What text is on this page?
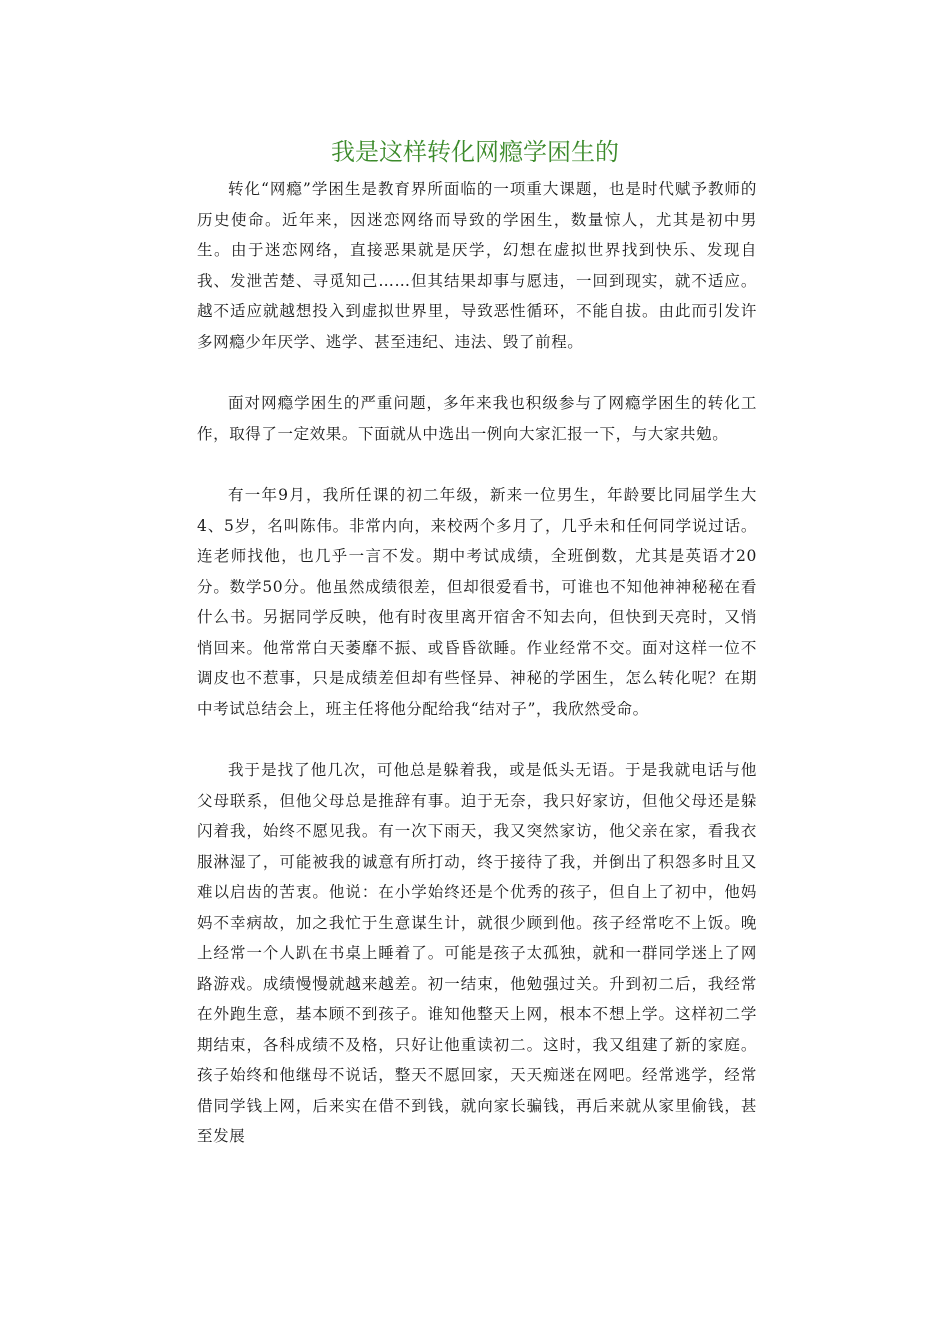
我是这样转化网瘾学困生的

转化“网瘾”学困生是教育界所面临的一项重大课题，也是时代赋予教师的历史使命。近年来，因迷恋网络而导致的学困生，数量惊人，尤其是初中男生。由于迷恋网络，直接恶果就是厌学，幻想在虚拟世界找到快乐、发现自我、发泄苦楚、寻觅知己……但其结果却事与愿违，一回到现实，就不适应。越不适应就越想投入到虚拟世界里，导致恶性循环，不能自拔。由此而引发许多网瘾少年厌学、逃学、甚至违纪、违法、毁了前程。

面对网瘾学困生的严重问题，多年来我也积级参与了网瘾学困生的转化工作，取得了一定效果。下面就从中选出一例向大家汇报一下，与大家共勉。

有一年9月，我所任课的初二年级，新来一位男生，年龄要比同届学生大4、5岁，名叫陈伟。非常内向，来校两个多月了，几乎未和任何同学说过话。连老师找他，也几乎一言不发。期中考试成绩，全班倒数，尤其是英语才20分。数学50分。他虽然成绩很差，但却很爱看书，可谁也不知他神神秘秘在看什么书。另据同学反映，他有时夜里离开宿舍不知去向，但快到天亮时，又悄悄回来。他常常白天萎靡不振、或昏昏欲睡。作业经常不交。面对这样一位不调皮也不惹事，只是成绩差但却有些怪异、神秘的学困生，怎么转化呢？在期中考试总结会上，班主任将他分配给我“结对子”，我欣然受命。

我于是找了他几次，可他总是躲着我，或是低头无语。于是我就电话与他父母联系，但他父母总是推辞有事。迫于无奈，我只好家访，但他父母还是躲闪着我，始终不愿见我。有一次下雨天，我又突然家访，他父亲在家，看我衣服淋湿了，可能被我的诚意有所打动，终于接待了我，并倒出了积怨多时且又难以启齿的苦衷。他说：在小学始终还是个优秀的孩子，但自上了初中，他妈妈不幸病故，加之我忙于生意谋生计，就很少顾到他。孩子经常吃不上饭。晚上经常一个人趴在书桌上睡着了。可能是孩子太孤独，就和一群同学迷上了网路游戏。成绩慢慢就越来越差。初一结束，他勉强过关。升到初二后，我经常在外跑生意，基本顾不到孩子。谁知他整天上网，根本不想上学。这样初二学期结束，各科成绩不及格，只好让他重读初二。这时，我又组建了新的家庭。孩子始终和他继母不说话，整天不愿回家，天天痴迷在网吧。经常逃学，经常借同学钱上网，后来实在借不到钱，就向家长骗钱，再后来就从家里偷钱，甚至发展
